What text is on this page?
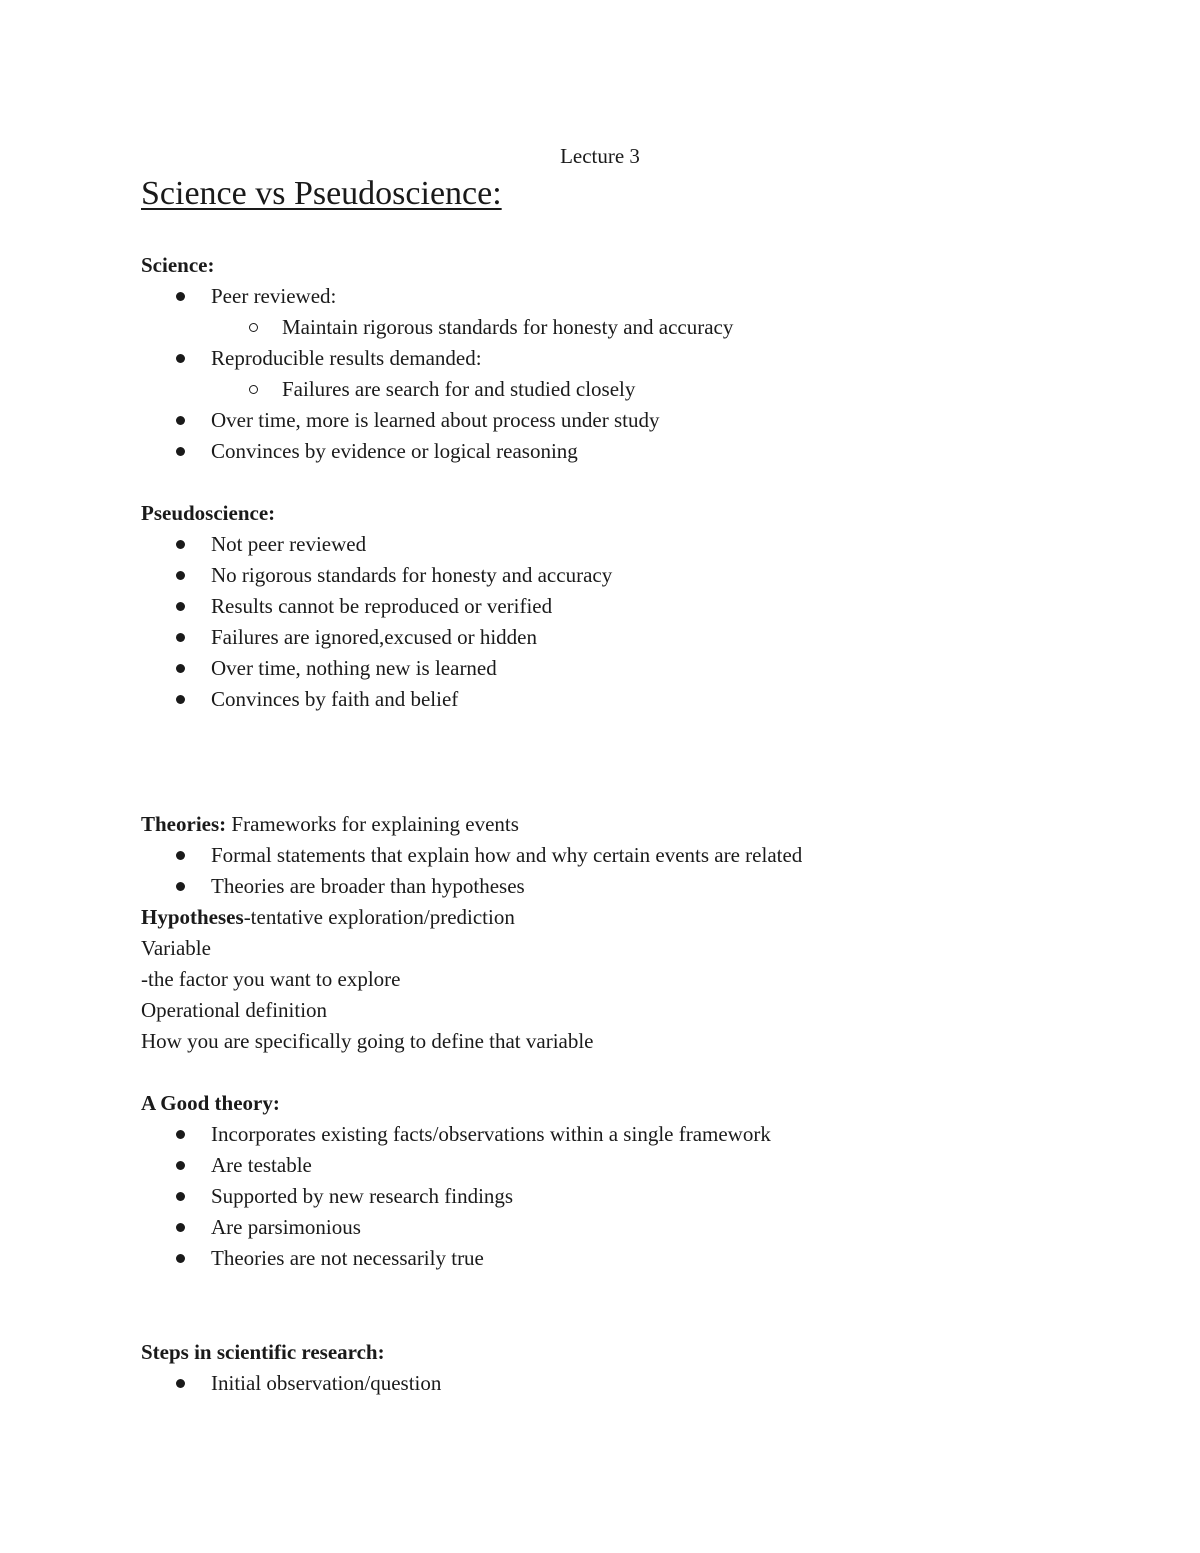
Lecture 3
Science vs Pseudoscience:
Science:
Peer reviewed:
Maintain rigorous standards for honesty and accuracy
Reproducible results demanded:
Failures are search for and studied closely
Over time, more is learned about process under study
Convinces by evidence or logical reasoning
Pseudoscience:
Not peer reviewed
No rigorous standards for honesty and accuracy
Results cannot be reproduced or verified
Failures are ignored,excused or hidden
Over time, nothing new is learned
Convinces by faith and belief
Theories: Frameworks for explaining events
Formal statements that explain how and why certain events are related
Theories are broader than hypotheses
Hypotheses-tentative exploration/prediction
Variable
-the factor you want to explore
Operational definition
How you are specifically going to define that variable
A Good theory:
Incorporates existing facts/observations within a single framework
Are testable
Supported by new research findings
Are parsimonious
Theories are not necessarily true
Steps in scientific research:
Initial observation/question
